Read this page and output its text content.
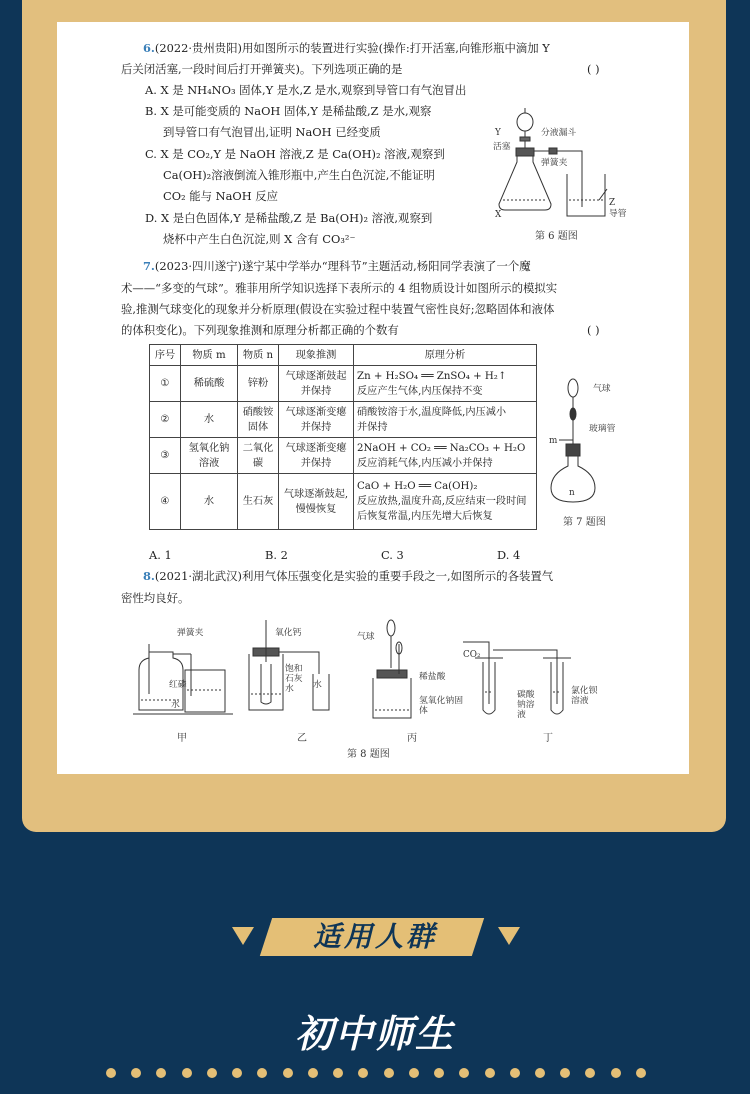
6.(2022·贵州贵阳)用如图所示的装置进行实验(操作:打开活塞,向锥形瓶中滴加 Y
后关闭活塞,一段时间后打开弹簧夹)。下列选项正确的是	( )
A. X 是 NH₄NO₃ 固体,Y 是水,Z 是水,观察到导管口有气泡冒出
B. X 是可能变质的 NaOH 固体,Y 是稀盐酸,Z 是水,观察
到导管口有气泡冒出,证明 NaOH 已经变质
C. X 是 CO₂,Y 是 NaOH 溶液,Z 是 Ca(OH)₂ 溶液,观察到
Ca(OH)₂溶液倒流入锥形瓶中,产生白色沉淀,不能证明
CO₂ 能与 NaOH 反应
D. X 是白色固体,Y 是稀盐酸,Z 是 Ba(OH)₂ 溶液,观察到
烧杯中产生白色沉淀,则 X 含有 CO₃²⁻
Y
活塞
分液漏斗
弹簧夹
X
Z
导管
第 6 题图
7.(2023·四川遂宁)遂宁某中学举办“理科节”主题活动,杨阳同学表演了一个魔
术——“多变的气球”。雅菲用所学知识选择下表所示的 4 组物质设计如图所示的模拟实
验,推测气球变化的现象并分析原理(假设在实验过程中装置气密性良好;忽略固体和液体
的体积变化)。下列现象推测和原理分析都正确的个数有	( )
序号	物质 m	物质 n	现象推测	原理分析
①	稀硫酸	锌粉	气球逐渐鼓起并保持	Zn + H₂SO₄ ══ ZnSO₄ + H₂↑
反应产生气体,内压保持不变

②	水	硝酸铵固体	气球逐渐变瘪并保持	硝酸铵溶于水,温度降低,内压减小
并保持

③	氢氧化钠溶液	二氧化碳	气球逐渐变瘪并保持	2NaOH + CO₂ ══ Na₂CO₃ + H₂O
反应消耗气体,内压减小并保持

④	水	生石灰	气球逐渐鼓起,慢慢恢复	CaO + H₂O ══ Ca(OH)₂
反应放热,温度升高,反应结束一段时间后恢复常温,内压先增大后恢复
A. 1	B. 2	C. 3	D. 4
气球
m
玻璃管
n
第 7 题图
8.(2021·湖北武汉)利用气体压强变化是实验的重要手段之一,如图所示的各装置气
密性均良好。
弹簧夹
红磷
水
氧化钙
饱和石灰水	水
气球
稀盐酸
氢氧化钠固体
CO₂
碳酸钠溶液
氯化钡溶液
甲	乙	丙	丁
第 8 题图
适用人群
初中师生
